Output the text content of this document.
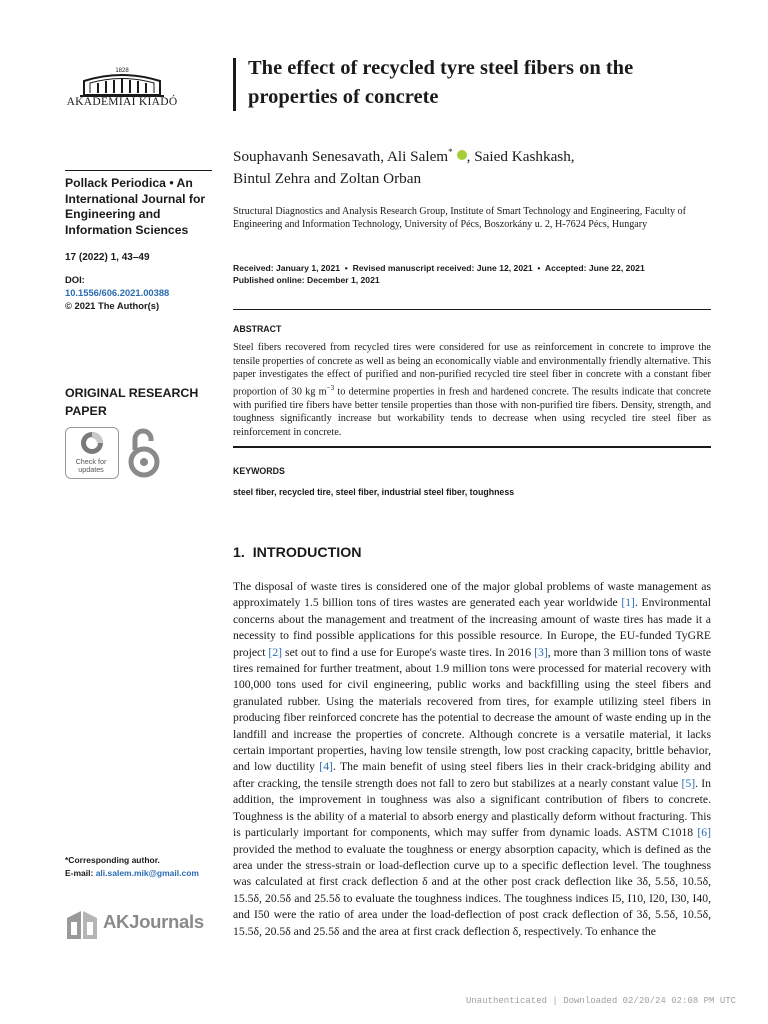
1828
AKADÉMIAI KIADÓ
Pollack Periodica • An International Journal for Engineering and Information Sciences
17 (2022) 1, 43–49
DOI:
10.1556/606.2021.00388
© 2021 The Author(s)
ORIGINAL RESEARCH PAPER
Check for updates
*Corresponding author.
E-mail: ali.salem.mik@gmail.com
AKJournals
The effect of recycled tyre steel fibers on the properties of concrete
Souphavanh Senesavath, Ali Salem* , Saied Kashkash,
Bintul Zehra and Zoltan Orban
Structural Diagnostics and Analysis Research Group, Institute of Smart Technology and Engineering, Faculty of Engineering and Information Technology, University of Pécs, Boszorkány u. 2, H-7624 Pécs, Hungary
Received: January 1, 2021  •  Revised manuscript received: June 12, 2021  •  Accepted: June 22, 2021
Published online: December 1, 2021
ABSTRACT
Steel fibers recovered from recycled tires were considered for use as reinforcement in concrete to improve the tensile properties of concrete as well as being an economically viable and environmentally friendly alternative. This paper investigates the effect of purified and non-purified recycled tire steel fiber in concrete with a constant fiber proportion of 30 kg $m^{-3}$ to determine properties in fresh and hardened concrete. The results indicate that concrete with purified tire fibers have better tensile properties than those with non-purified tire fibers. Density, strength, and toughness significantly increase but workability tends to decrease when using recycled tire steel fiber as reinforcement in concrete.
KEYWORDS
steel fiber, recycled tire, steel fiber, industrial steel fiber, toughness
1.  INTRODUCTION
The disposal of waste tires is considered one of the major global problems of waste management as approximately 1.5 billion tons of tires wastes are generated each year worldwide [1]. Environmental concerns about the management and treatment of the increasing amount of waste tires has made it a necessity to find possible applications for this possible resource. In Europe, the EU-funded TyGRE project [2] set out to find a use for Europe's waste tires. In 2016 [3], more than 3 million tons of waste tires remained for further treatment, about 1.9 million tons were processed for material recovery with 100,000 tons used for civil engineering, public works and backfilling using the steel fibers and granulated rubber. Using the materials recovered from tires, for example utilizing steel fibers in producing fiber reinforced concrete has the potential to decrease the amount of waste ending up in the landfill and increase the properties of concrete. Although concrete is a versatile material, it lacks certain important properties, having low tensile strength, low post cracking capacity, brittle behavior, and low ductility [4]. The main benefit of using steel fibers lies in their crack-bridging ability and after cracking, the tensile strength does not fall to zero but stabilizes at a nearly constant value [5]. In addition, the improvement in toughness was also a significant contribution of fibers to concrete. Toughness is the ability of a material to absorb energy and plastically deform without fracturing. This is particularly important for components, which may suffer from dynamic loads. ASTM C1018 [6] provided the method to evaluate the toughness or energy absorption capacity, which is defined as the area under the stress-strain or load-deflection curve up to a specific deflection level. The toughness was calculated at first crack deflection δ and at the other post crack deflection like 3δ, 5.5δ, 10.5δ, 15.5δ, 20.5δ and 25.5δ to evaluate the toughness indices. The toughness indices I5, I10, I20, I30, I40, and I50 were the ratio of area under the load-deflection of post crack deflection of 3δ, 5.5δ, 10.5δ, 15.5δ, 20.5δ and 25.5δ and the area at first crack deflection δ, respectively. To enhance the
Unauthenticated | Downloaded 02/20/24 02:08 PM UTC
